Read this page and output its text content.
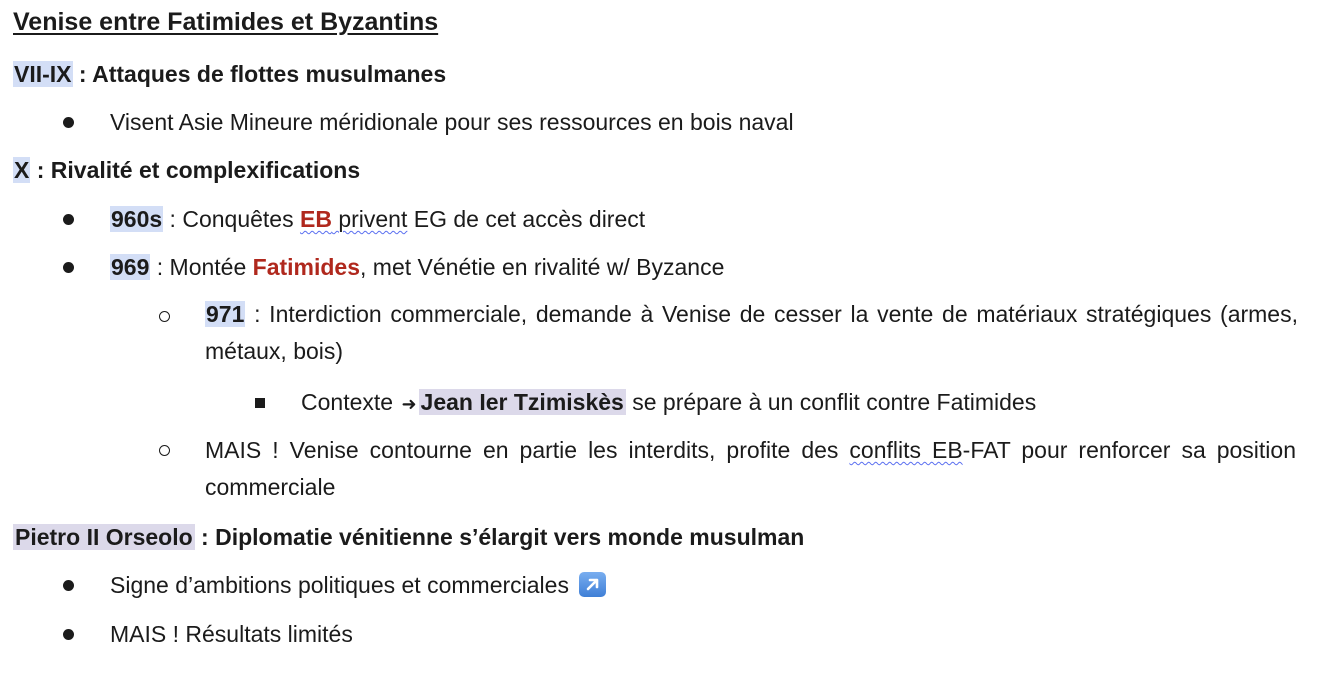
Venise entre Fatimides et Byzantins
VII-IX : Attaques de flottes musulmanes
Visent Asie Mineure méridionale pour ses ressources en bois naval
X : Rivalité et complexifications
960s : Conquêtes EB privent EG de cet accès direct
969 : Montée Fatimides, met Vénétie en rivalité w/ Byzance
971 : Interdiction commerciale, demande à Venise de cesser la vente de matériaux stratégiques (armes, métaux, bois)
Contexte ➜ Jean Ier Tzimiskès se prépare à un conflit contre Fatimides
MAIS ! Venise contourne en partie les interdits, profite des conflits EB-FAT pour renforcer sa position commerciale
Pietro II Orseolo : Diplomatie vénitienne s’élargit vers monde musulman
Signe d’ambitions politiques et commerciales
MAIS ! Résultats limités
